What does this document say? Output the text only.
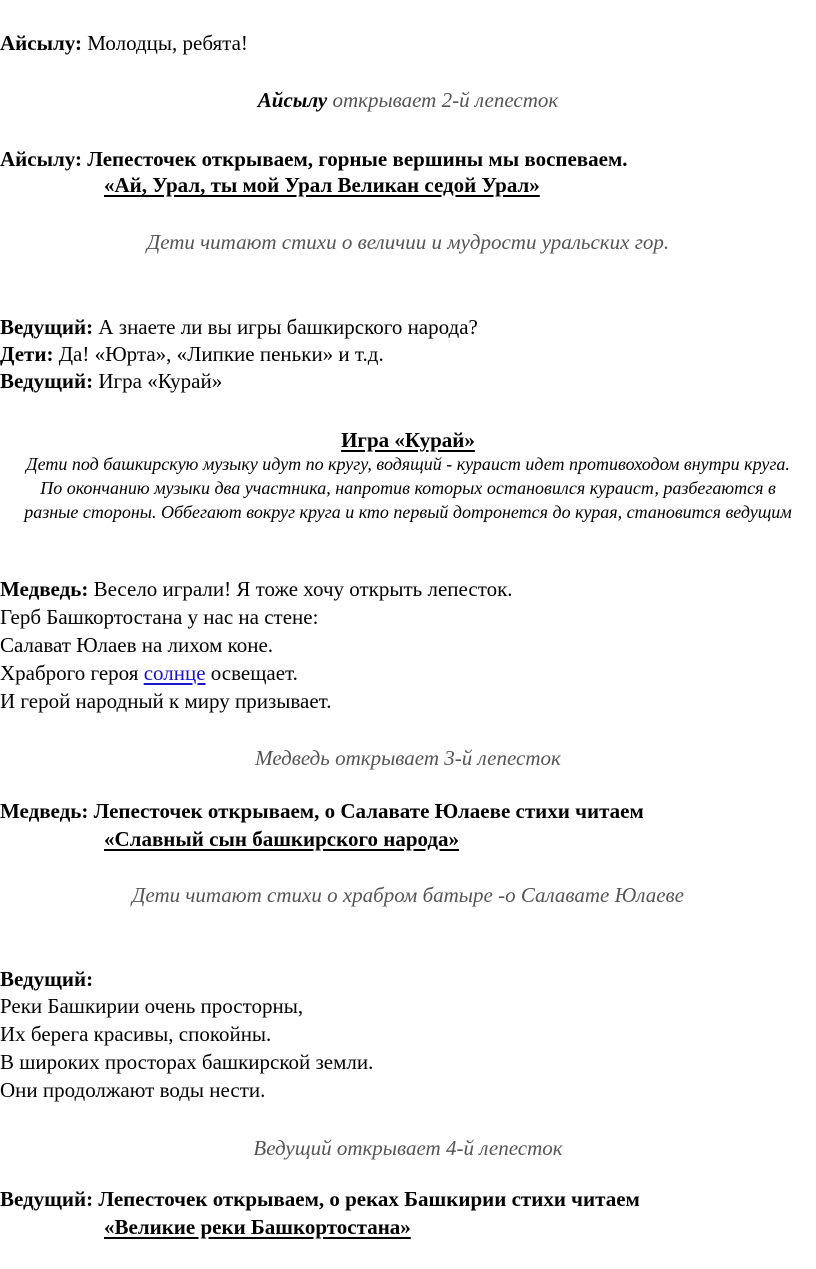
Айсылу: Молодцы, ребята!
Айсылу открывает 2-й лепесток
Айсылу: Лепесточек открываем, горные вершины мы воспеваем.
«Ай, Урал, ты мой Урал Великан седой Урал»
Дети читают стихи о величии и мудрости уральских гор.
Ведущий: А знаете ли вы игры башкирского народа?
Дети: Да! «Юрта», «Липкие пеньки» и т.д.
Ведущий: Игра «Курай»
Игра «Курай»
Дети под башкирскую музыку идут по кругу, водящий - кураист идет противоходом внутри круга. По окончанию музыки два участника, напротив которых остановился кураист, разбегаются в разные стороны. Оббегают вокруг круга и кто первый дотронется до курая, становится ведущим
Медведь: Весело играли! Я тоже хочу открыть лепесток.
Герб Башкортостана у нас на стене:
Салават Юлаев на лихом коне.
Храброго героя солнце освещает.
И герой народный к миру призывает.
Медведь открывает 3-й лепесток
Медведь: Лепесточек открываем, о Салавате Юлаеве стихи читаем
«Славный сын башкирского народа»
Дети читают стихи о храбром батыре -о Салавате Юлаеве
Ведущий:
Реки Башкирии очень просторны,
Их берега красивы, спокойны.
В широких просторах башкирской земли.
Они продолжают воды нести.
Ведущий открывает 4-й лепесток
Ведущий: Лепесточек открываем, о реках Башкирии стихи читаем
«Великие реки Башкортостана»
